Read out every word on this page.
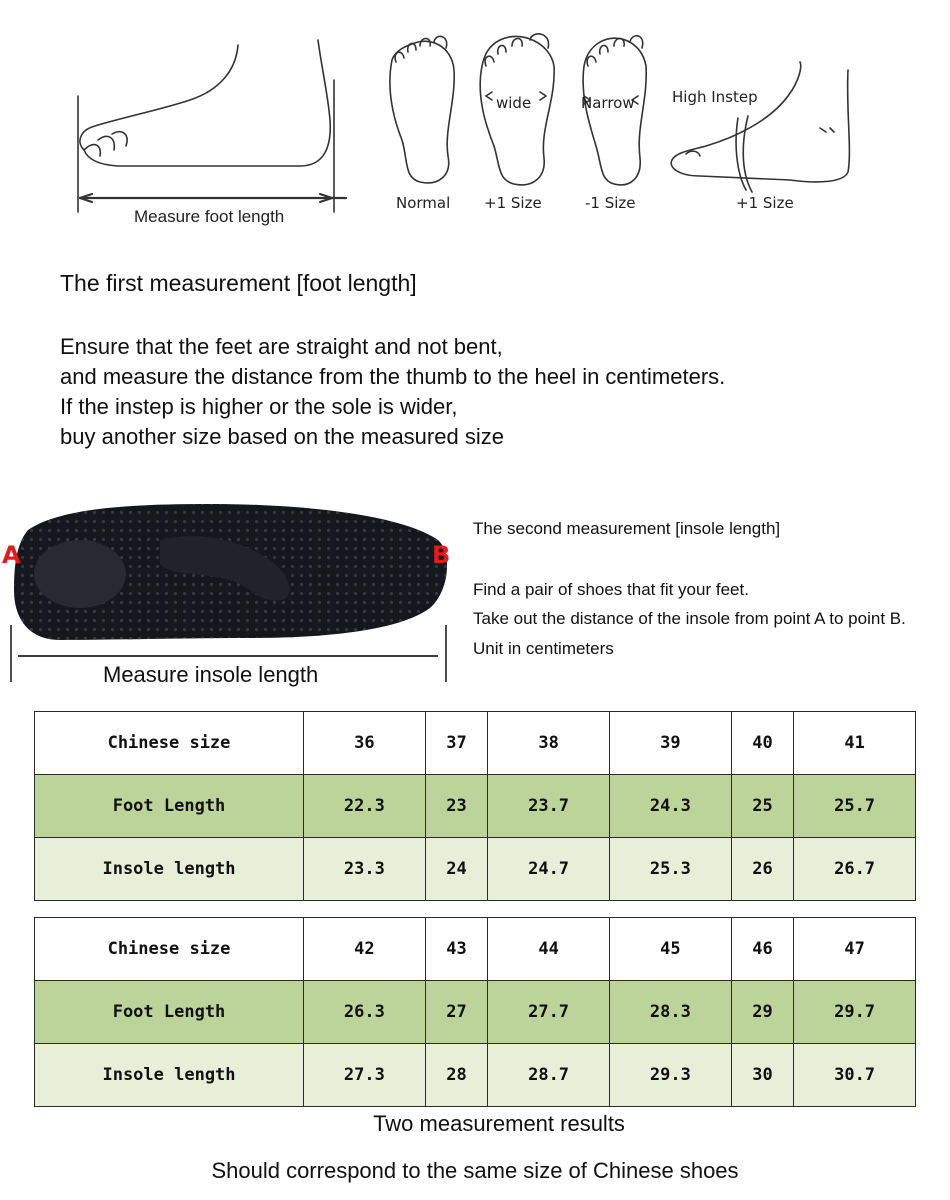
Measure foot length
Normal
wide
+1 Size
Narrow
-1 Size
High Instep
+1 Size
The first measurement [foot length]
Ensure that the feet are straight and not bent,
and measure the distance from the thumb to the heel in centimeters.
If the instep is higher or the sole is wider,
buy another size based on the measured size
A	B
Measure insole length
The second measurement [insole length]
Find a pair of shoes that fit your feet.
Take out the distance of the insole from point A to point B.
Unit in centimeters
Chinese size	36	37	38	39	40	41
Foot Length	22.3	23	23.7	24.3	25	25.7
Insole length	23.3	24	24.7	25.3	26	26.7
Chinese size	42	43	44	45	46	47
Foot Length	26.3	27	27.7	28.3	29	29.7
Insole length	27.3	28	28.7	29.3	30	30.7
Two measurement results
Should correspond to the same size of Chinese shoes
